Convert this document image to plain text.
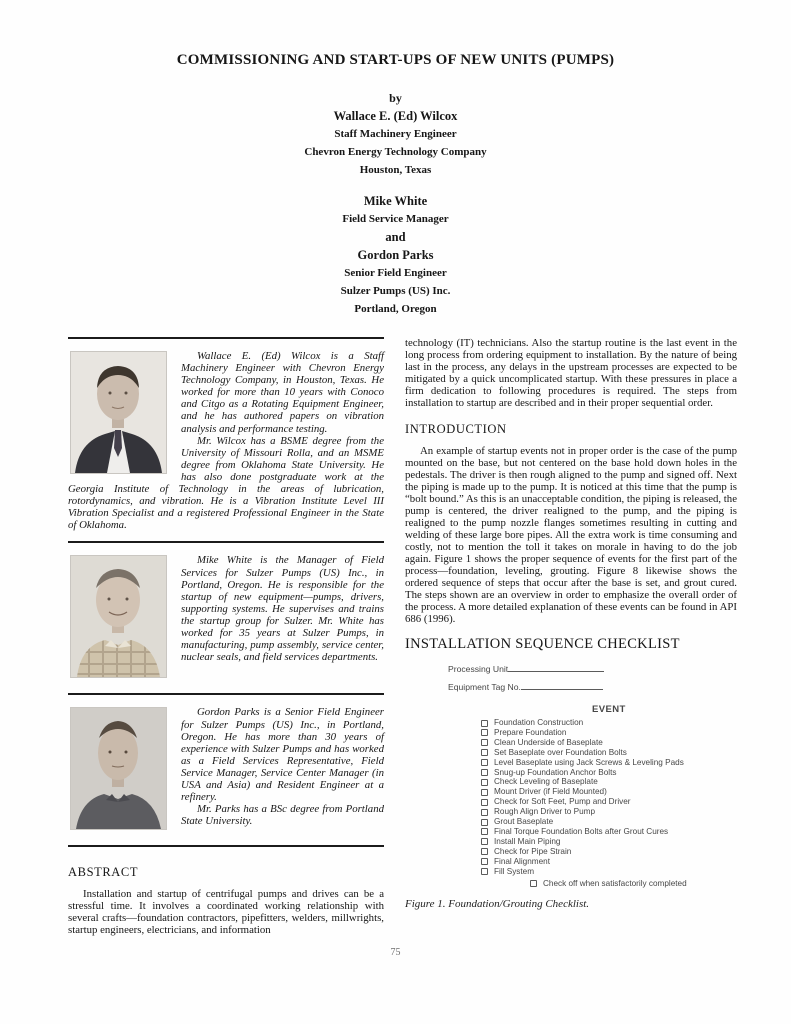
COMMISSIONING AND START-UPS OF NEW UNITS (PUMPS)
by
Wallace E. (Ed) Wilcox
Staff Machinery Engineer
Chevron Energy Technology Company
Houston, Texas
Mike White
Field Service Manager
and
Gordon Parks
Senior Field Engineer
Sulzer Pumps (US) Inc.
Portland, Oregon

Wallace E. (Ed) Wilcox is a Staff Machinery Engineer with Chevron Energy Technology Company, in Houston, Texas. He worked for more than 10 years with Conoco and Citgo as a Rotating Equipment Engineer, and he has authored papers on vibration analysis and performance testing.

Mr. Wilcox has a BSME degree from the University of Missouri Rolla, and an MSME degree from Oklahoma State University. He has also done postgraduate work at the Georgia Institute of Technology in the areas of lubrication, rotordynamics, and vibration. He is a Vibration Institute Level III Vibration Specialist and a registered Professional Engineer in the State of Oklahoma.

Mike White is the Manager of Field Services for Sulzer Pumps (US) Inc., in Portland, Oregon. He is responsible for the startup of new equipment—pumps, drivers, supporting systems. He supervises and trains the startup group for Sulzer. Mr. White has worked for 35 years at Sulzer Pumps, in manufacturing, pump assembly, service center, nuclear seals, and field services departments.

Gordon Parks is a Senior Field Engineer for Sulzer Pumps (US) Inc., in Portland, Oregon. He has more than 30 years of experience with Sulzer Pumps and has worked as a Field Services Representative, Field Service Manager, Service Center Manager (in USA and Asia) and Resident Engineer at a refinery.

Mr. Parks has a BSc degree from Portland State University.

ABSTRACT

Installation and startup of centrifugal pumps and drives can be a stressful time. It involves a coordinated working relationship with several crafts—foundation contractors, pipefitters, welders, millwrights, startup engineers, electricians, and information

technology (IT) technicians. Also the startup routine is the last event in the long process from ordering equipment to installation. By the nature of being last in the process, any delays in the upstream processes are expected to be mitigated by a quick uncomplicated startup. With these pressures in place a firm dedication to following procedures is required. The steps from installation to startup are described and in their proper sequential order.

INTRODUCTION

An example of startup events not in proper order is the case of the pump mounted on the base, but not centered on the base hold down holes in the pedestals. The driver is then rough aligned to the pump and signed off. Next the piping is made up to the pump. It is noticed at this time that the pump is “bolt bound.” As this is an unacceptable condition, the piping is released, the pump is centered, the driver realigned to the pump, and the piping is realigned to the pump nozzle flanges sometimes resulting in cutting and welding of these large bore pipes. All the extra work is time consuming and costly, not to mention the toll it takes on morale in having to do the job again. Figure 1 shows the proper sequence of events for the first part of the process—foundation, leveling, grouting. Figure 8 likewise shows the ordered sequence of steps that occur after the base is set, and grout cured. The steps shown are an overview in order to emphasize the overall order of the process. A more detailed explanation of these events can be found in API 686 (1996).

INSTALLATION SEQUENCE CHECKLIST
Processing Unit
Equipment Tag No.
EVENT
Foundation Construction
Prepare Foundation
Clean Underside of Baseplate
Set Baseplate over Foundation Bolts
Level Baseplate using Jack Screws & Leveling Pads
Snug-up Foundation Anchor Bolts
Check Leveling of Baseplate
Mount Driver (if Field Mounted)
Check for Soft Feet, Pump and Driver
Rough Align Driver to Pump
Grout Baseplate
Final Torque Foundation Bolts after Grout Cures
Install Main Piping
Check for Pipe Strain
Final Alignment
Fill System
Check off when satisfactorily completed
Figure 1. Foundation/Grouting Checklist.
75
